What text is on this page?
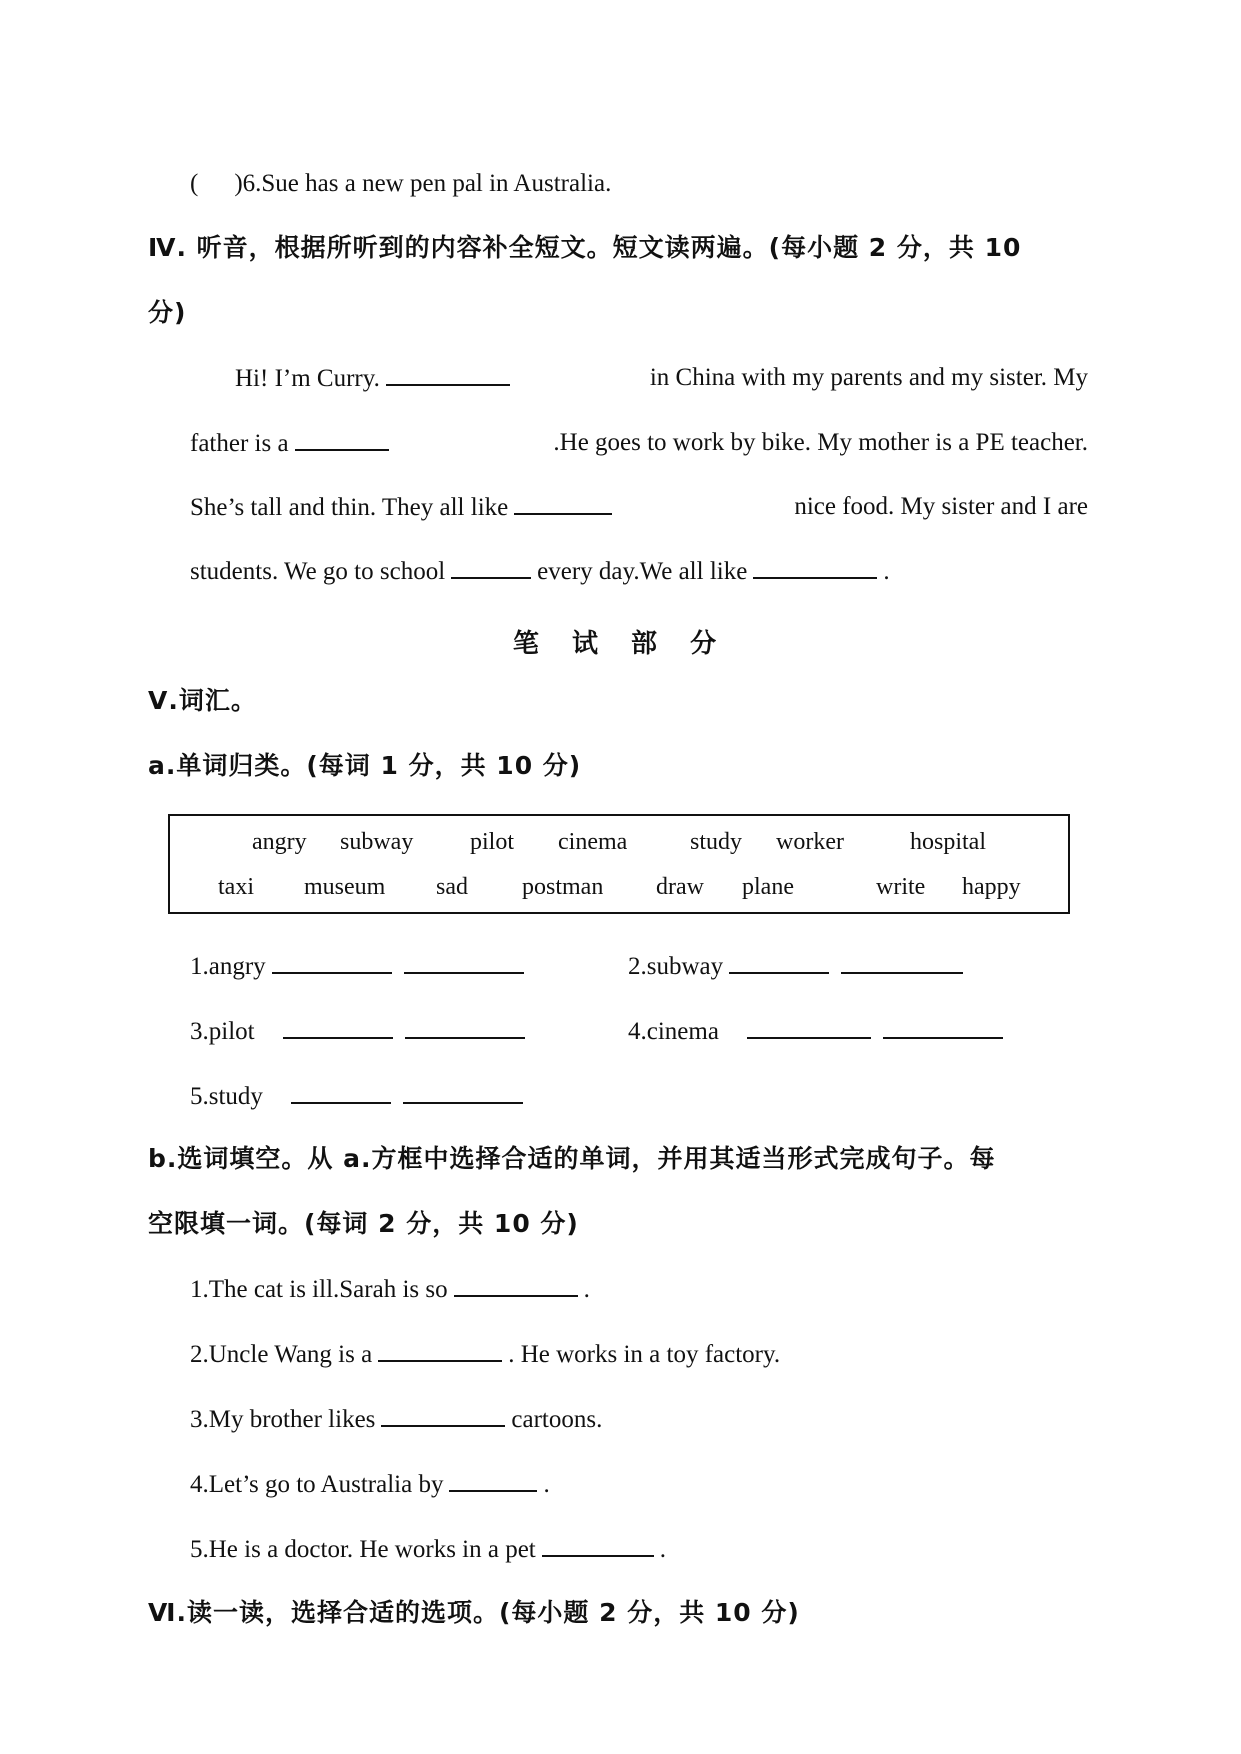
( )6.Sue has a new pen pal in Australia.
Ⅳ. 听音，根据所听到的内容补全短文。短文读两遍。(每小题 2 分，共 10
分)
Hi! I’m Curry.	in China with my parents and my sister. My
father is a	.He goes to work by bike. My mother is a PE teacher.
She’s tall and thin. They all like	nice food. My sister and I are
students. We go to school	every day.We all like	.
笔 试 部 分
Ⅴ.词汇。
a.单词归类。(每词 1 分，共 10 分)
angry subway pilot cinema	study worker	hospital
taxi museum sad postman draw plane	write happy
1.angry	2.subway
3.pilot	4.cinema
5.study
b.选词填空。从 a.方框中选择合适的单词，并用其适当形式完成句子。每
空限填一词。(每词 2 分，共 10 分)
1.The cat is ill.Sarah is so	.
2.Uncle Wang is a	. He works in a toy factory.
3.My brother likes	cartoons.
4.Let’s go to Australia by	.
5.He is a doctor. He works in a pet	.
Ⅵ.读一读，选择合适的选项。(每小题 2 分，共 10 分)
